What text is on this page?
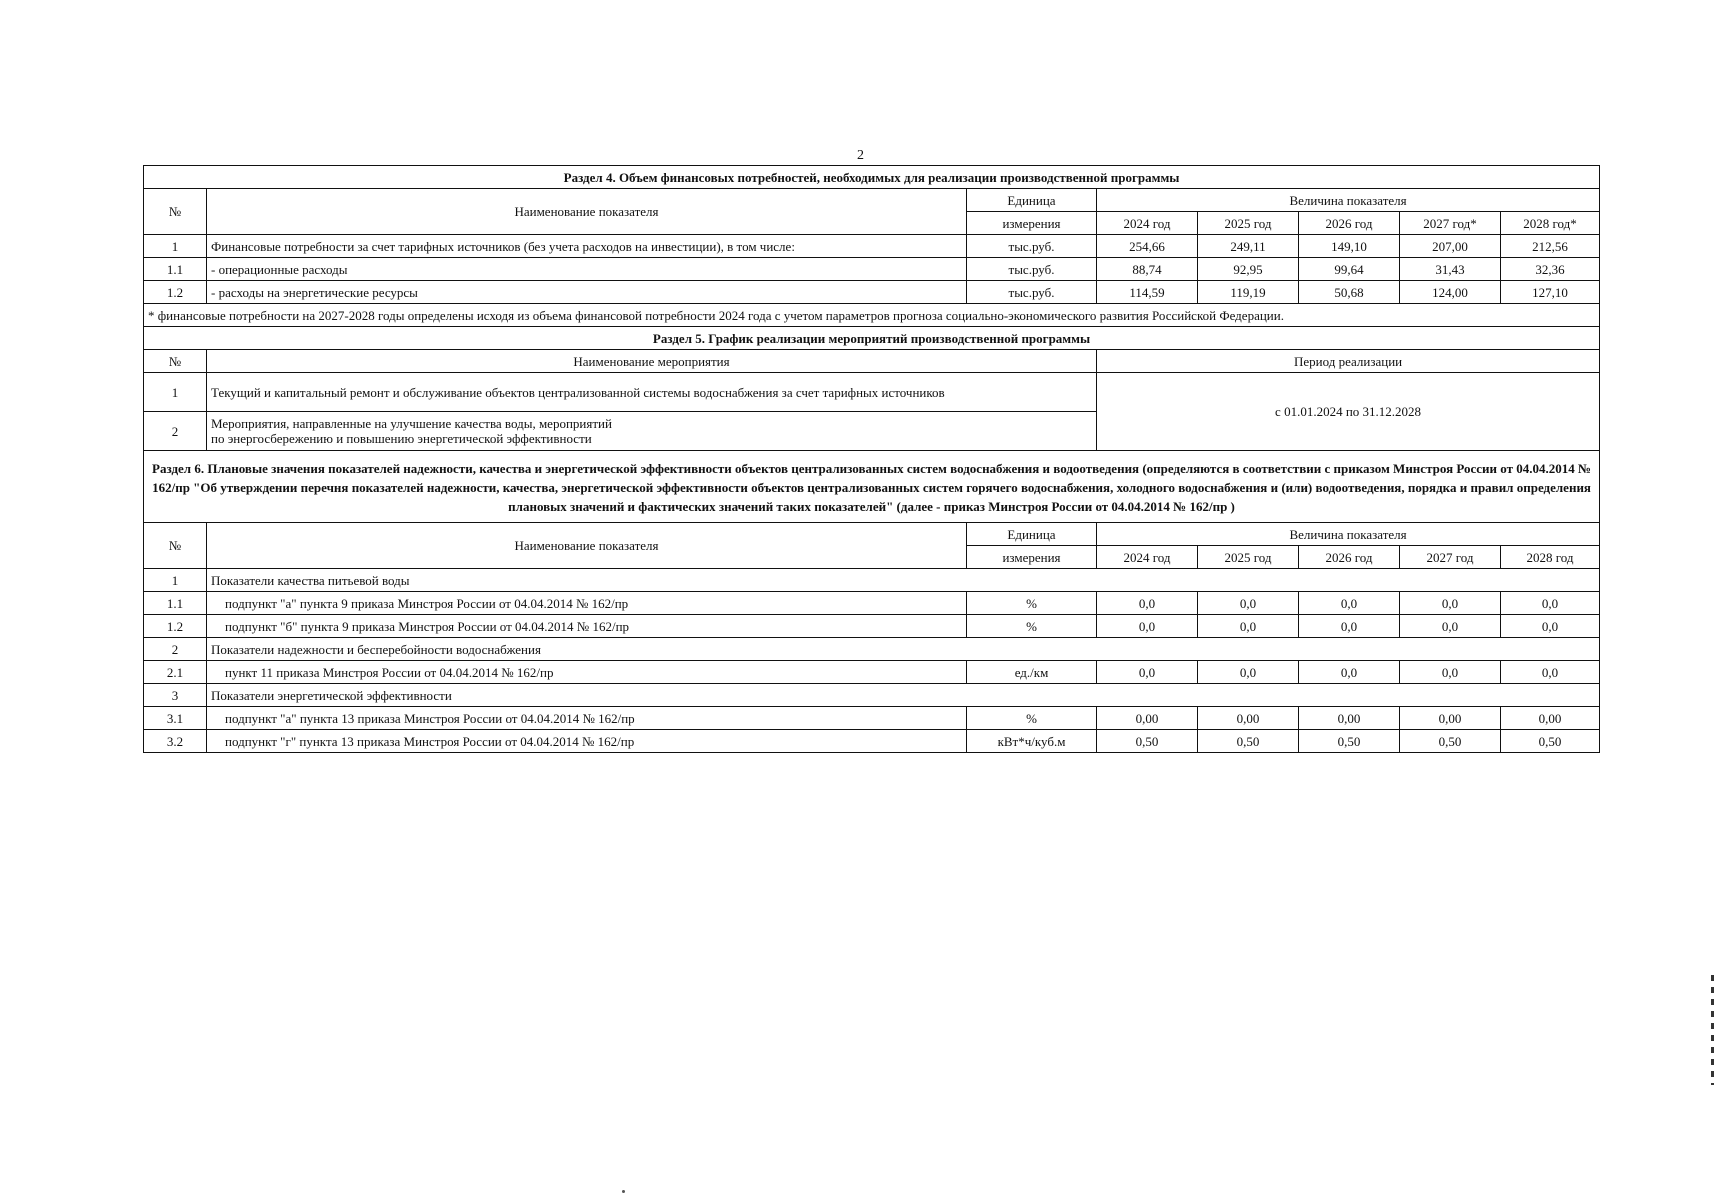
2
Раздел 4. Объем финансовых потребностей, необходимых для реализации производственной программы							
№	Наименование показателя	Единица	Величина показателя				
		измерения	2024 год	2025 год	2026 год	2027 год*	2028 год*
1	Финансовые потребности за счет тарифных источников (без учета расходов на инвестиции), в том числе:	тыс.руб.	254,66	249,11	149,10	207,00	212,56
1.1	- операционные расходы	тыс.руб.	88,74	92,95	99,64	31,43	32,36
1.2	- расходы на энергетические ресурсы	тыс.руб.	114,59	119,19	50,68	124,00	127,10
* финансовые потребности на 2027-2028 годы определены исходя из объема финансовой потребности 2024 года с учетом параметров прогноза социально-экономического развития Российской Федерации.							
Раздел 5. График реализации мероприятий производственной программы							
№	Наименование мероприятия		Период реализации				
1	Текущий и капитальный ремонт и обслуживание объектов централизованной системы водоснабжения за счет тарифных источников		с 01.01.2024 по 31.12.2028				
2	Мероприятия, направленные на улучшение качества воды, мероприятий
по энергосбережению и повышению энергетической эффективности						

Раздел 6. Плановые значения показателей надежности, качества и энергетической эффективности объектов централизованных систем водоснабжения и водоотведения (определяются в соответствии с приказом Минстроя России от 04.04.2014 № 162/пр "Об утверждении перечня показателей надежности, качества, энергетической эффективности объектов централизованных систем горячего водоснабжения, холодного водоснабжения и (или) водоотведения, порядка и правил определения плановых значений и фактических значений таких показателей" (далее - приказ Минстроя России от 04.04.2014 № 162/пр )							
№	Наименование показателя	Единица	Величина показателя				
		измерения	2024 год	2025 год	2026 год	2027 год	2028 год
1	Показатели качества питьевой воды						
1.1	подпункт "а" пункта 9 приказа Минстроя России от 04.04.2014 № 162/пр	%	0,0	0,0	0,0	0,0	0,0
1.2	подпункт "б" пункта 9 приказа Минстроя России от 04.04.2014 № 162/пр	%	0,0	0,0	0,0	0,0	0,0
2	Показатели надежности и бесперебойности водоснабжения						
2.1	пункт 11 приказа Минстроя России от 04.04.2014 № 162/пр	ед./км	0,0	0,0	0,0	0,0	0,0
3	Показатели энергетической эффективности						
3.1	подпункт "а" пункта 13 приказа Минстроя России от 04.04.2014 № 162/пр	%	0,00	0,00	0,00	0,00	0,00
3.2	подпункт "г" пункта 13 приказа Минстроя России от 04.04.2014 № 162/пр	кВт*ч/куб.м	0,50	0,50	0,50	0,50	0,50
